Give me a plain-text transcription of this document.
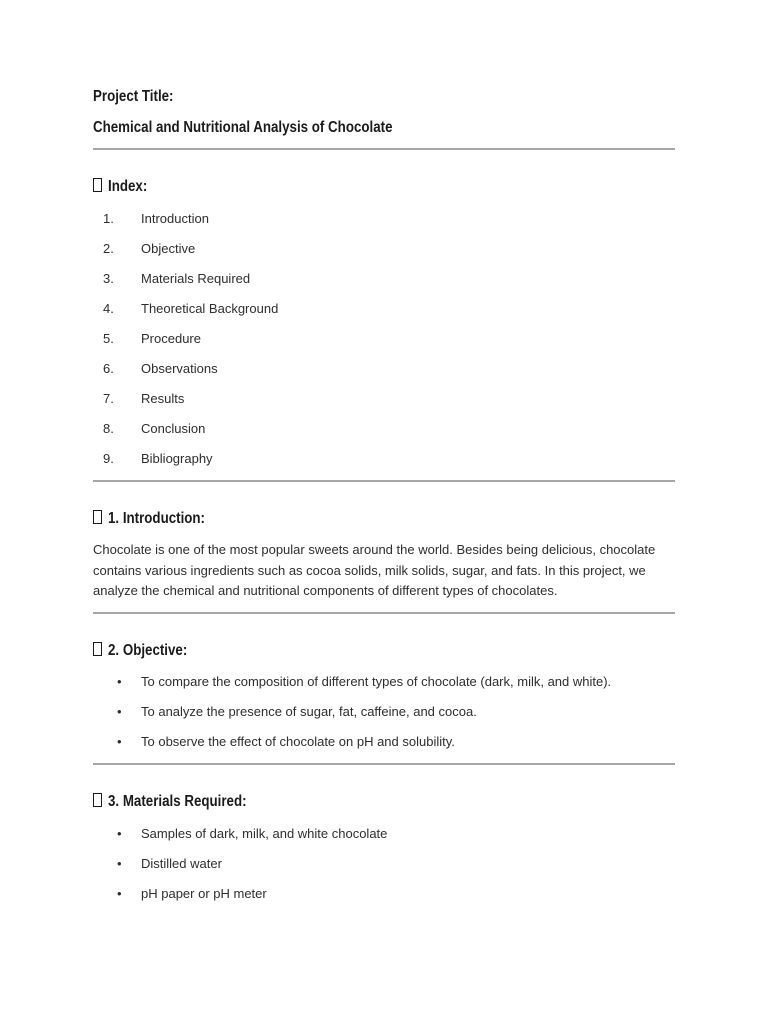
Project Title:

Chemical and Nutritional Analysis of Chocolate

Index:
Introduction
Objective
Materials Required
Theoretical Background
Procedure
Observations
Results
Conclusion
Bibliography
1. Introduction:

Chocolate is one of the most popular sweets around the world. Besides being delicious, chocolate contains various ingredients such as cocoa solids, milk solids, sugar, and fats. In this project, we analyze the chemical and nutritional components of different types of chocolates.

2. Objective:
• To compare the composition of different types of chocolate (dark, milk, and white).
• To analyze the presence of sugar, fat, caffeine, and cocoa.
• To observe the effect of chocolate on pH and solubility.
3. Materials Required:
• Samples of dark, milk, and white chocolate
• Distilled water
• pH paper or pH meter
